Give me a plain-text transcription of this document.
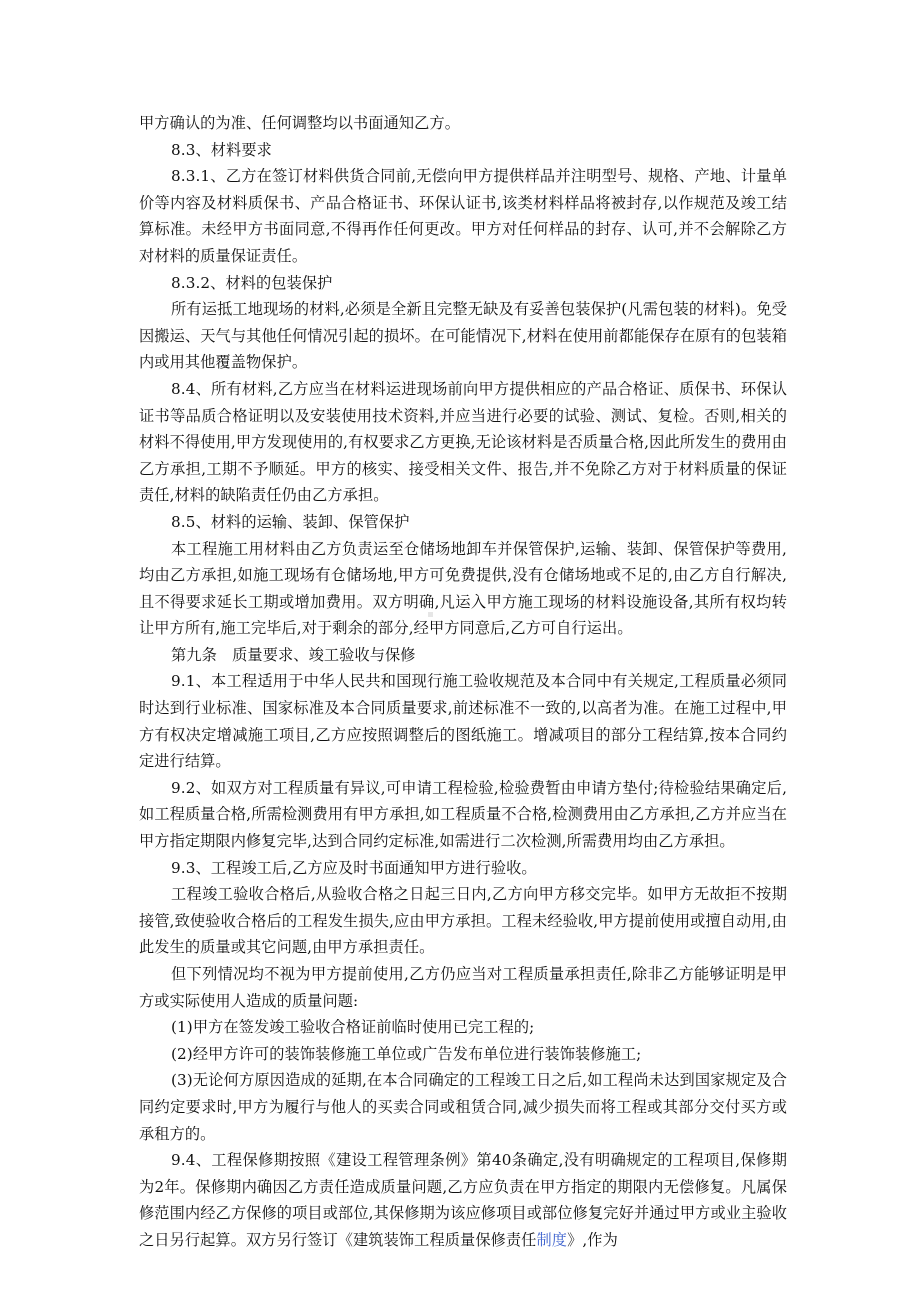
甲方确认的为准、任何调整均以书面通知乙方。

8.3、材料要求

8.3.1、乙方在签订材料供货合同前,无偿向甲方提供样品并注明型号、规格、产地、计量单价等内容及材料质保书、产品合格证书、环保认证书,该类材料样品将被封存,以作规范及竣工结算标准。未经甲方书面同意,不得再作任何更改。甲方对任何样品的封存、认可,并不会解除乙方对材料的质量保证责任。

8.3.2、材料的包装保护

所有运抵工地现场的材料,必须是全新且完整无缺及有妥善包装保护(凡需包装的材料)。免受因搬运、天气与其他任何情况引起的损坏。在可能情况下,材料在使用前都能保存在原有的包装箱内或用其他覆盖物保护。

8.4、所有材料,乙方应当在材料运进现场前向甲方提供相应的产品合格证、质保书、环保认证书等品质合格证明以及安装使用技术资料,并应当进行必要的试验、测试、复检。否则,相关的材料不得使用,甲方发现使用的,有权要求乙方更换,无论该材料是否质量合格,因此所发生的费用由乙方承担,工期不予顺延。甲方的核实、接受相关文件、报告,并不免除乙方对于材料质量的保证责任,材料的缺陷责任仍由乙方承担。

8.5、材料的运输、装卸、保管保护

本工程施工用材料由乙方负责运至仓储场地卸车并保管保护,运输、装卸、保管保护等费用,均由乙方承担,如施工现场有仓储场地,甲方可免费提供,没有仓储场地或不足的,由乙方自行解决,且不得要求延长工期或增加费用。双方明确,凡运入甲方施工现场的材料设施设备,其所有权均转让甲方所有,施工完毕后,对于剩余的部分,经甲方同意后,乙方可自行运出。

第九条　质量要求、竣工验收与保修

9.1、本工程适用于中华人民共和国现行施工验收规范及本合同中有关规定,工程质量必须同时达到行业标准、国家标准及本合同质量要求,前述标准不一致的,以高者为准。在施工过程中,甲方有权决定增减施工项目,乙方应按照调整后的图纸施工。增减项目的部分工程结算,按本合同约定进行结算。

9.2、如双方对工程质量有异议,可申请工程检验,检验费暂由申请方垫付;待检验结果确定后,如工程质量合格,所需检测费用有甲方承担,如工程质量不合格,检测费用由乙方承担,乙方并应当在甲方指定期限内修复完毕,达到合同约定标准,如需进行二次检测,所需费用均由乙方承担。

9.3、工程竣工后,乙方应及时书面通知甲方进行验收。

工程竣工验收合格后,从验收合格之日起三日内,乙方向甲方移交完毕。如甲方无故拒不按期接管,致使验收合格后的工程发生损失,应由甲方承担。工程未经验收,甲方提前使用或擅自动用,由此发生的质量或其它问题,由甲方承担责任。

但下列情况均不视为甲方提前使用,乙方仍应当对工程质量承担责任,除非乙方能够证明是甲方或实际使用人造成的质量问题:

(1)甲方在签发竣工验收合格证前临时使用已完工程的;

(2)经甲方许可的装饰装修施工单位或广告发布单位进行装饰装修施工;

(3)无论何方原因造成的延期,在本合同确定的工程竣工日之后,如工程尚未达到国家规定及合同约定要求时,甲方为履行与他人的买卖合同或租赁合同,减少损失而将工程或其部分交付买方或承租方的。

9.4、工程保修期按照《建设工程管理条例》第40条确定,没有明确规定的工程项目,保修期为2年。保修期内确因乙方责任造成质量问题,乙方应负责在甲方指定的期限内无偿修复。凡属保修范围内经乙方保修的项目或部位,其保修期为该应修项目或部位修复完好并通过甲方或业主验收之日另行起算。双方另行签订《建筑装饰工程质量保修责任制度》,作为
